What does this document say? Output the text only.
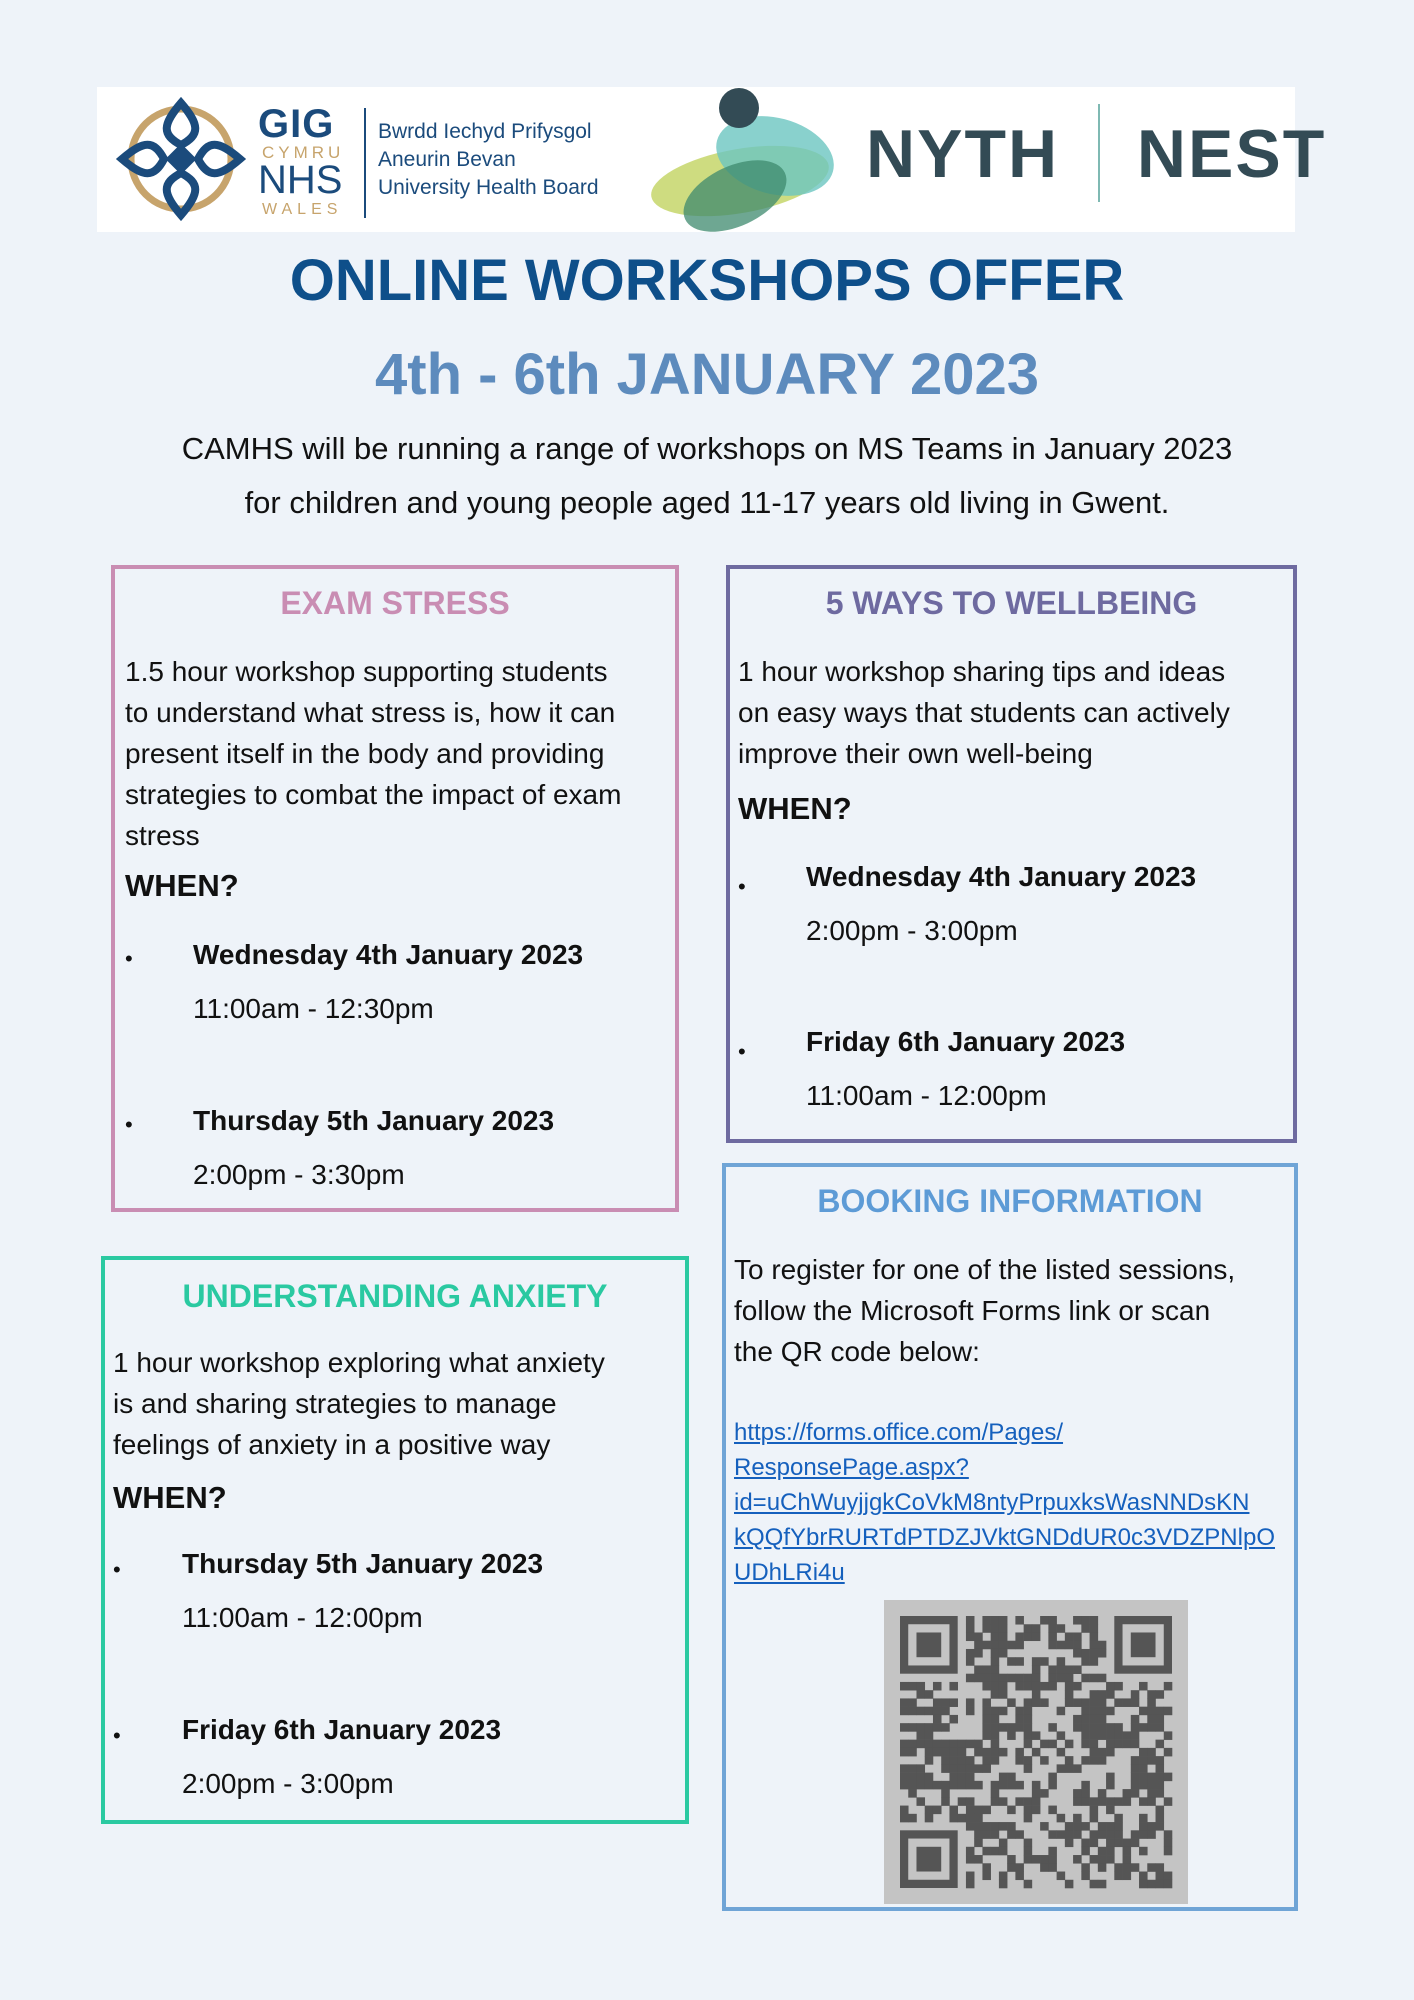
GIG
CYMRU
NHS
WALES
Bwrdd Iechyd Prifysgol
Aneurin Bevan
University Health Board	NYTH NEST
ONLINE WORKSHOPS OFFER
4th - 6th JANUARY 2023
CAMHS will be running a range of workshops on MS Teams in January 2023
for children and young people aged 11-17 years old living in Gwent.
EXAM STRESS
1.5 hour workshop supporting students
to understand what stress is, how it can
present itself in the body and providing
strategies to combat the impact of exam
stress
WHEN?
• Wednesday 4th January 2023
11:00am - 12:30pm
• Thursday 5th January 2023
2:00pm - 3:30pm
5 WAYS TO WELLBEING
1 hour workshop sharing tips and ideas
on easy ways that students can actively
improve their own well-being
WHEN?
• Wednesday 4th January 2023
2:00pm - 3:00pm
• Friday 6th January 2023
11:00am - 12:00pm
UNDERSTANDING ANXIETY
1 hour workshop exploring what anxiety
is and sharing strategies to manage
feelings of anxiety in a positive way
WHEN?
• Thursday 5th January 2023
11:00am - 12:00pm
• Friday 6th January 2023
2:00pm - 3:00pm
BOOKING INFORMATION
To register for one of the listed sessions,
follow the Microsoft Forms link or scan
the QR code below:
https://forms.office.com/Pages/
ResponsePage.aspx?
id=uChWuyjjgkCoVkM8ntyPrpuxksWasNNDsKN
kQQfYbrRURTdPTDZJVktGNDdUR0c3VDZPNlpO
UDhLRi4u
